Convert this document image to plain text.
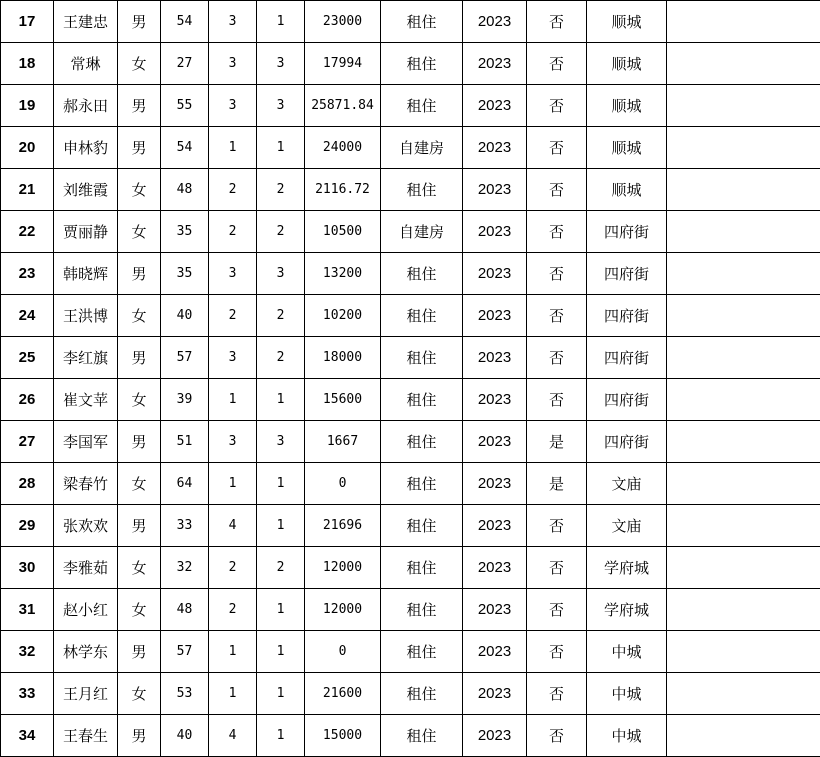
17	王建忠	男	54	3	1	23000	租住	2023	否	顺城	
18	常琳	女	27	3	3	17994	租住	2023	否	顺城	
19	郝永田	男	55	3	3	25871.84	租住	2023	否	顺城	
20	申林豹	男	54	1	1	24000	自建房	2023	否	顺城	
21	刘维霞	女	48	2	2	2116.72	租住	2023	否	顺城	
22	贾丽静	女	35	2	2	10500	自建房	2023	否	四府街	
23	韩晓辉	男	35	3	3	13200	租住	2023	否	四府街	
24	王洪博	女	40	2	2	10200	租住	2023	否	四府街	
25	李红旗	男	57	3	2	18000	租住	2023	否	四府街	
26	崔文苹	女	39	1	1	15600	租住	2023	否	四府街	
27	李国军	男	51	3	3	1667	租住	2023	是	四府街	
28	梁春竹	女	64	1	1	0	租住	2023	是	文庙	
29	张欢欢	男	33	4	1	21696	租住	2023	否	文庙	
30	李雅茹	女	32	2	2	12000	租住	2023	否	学府城	
31	赵小红	女	48	2	1	12000	租住	2023	否	学府城	
32	林学东	男	57	1	1	0	租住	2023	否	中城	
33	王月红	女	53	1	1	21600	租住	2023	否	中城	
34	王春生	男	40	4	1	15000	租住	2023	否	中城	
